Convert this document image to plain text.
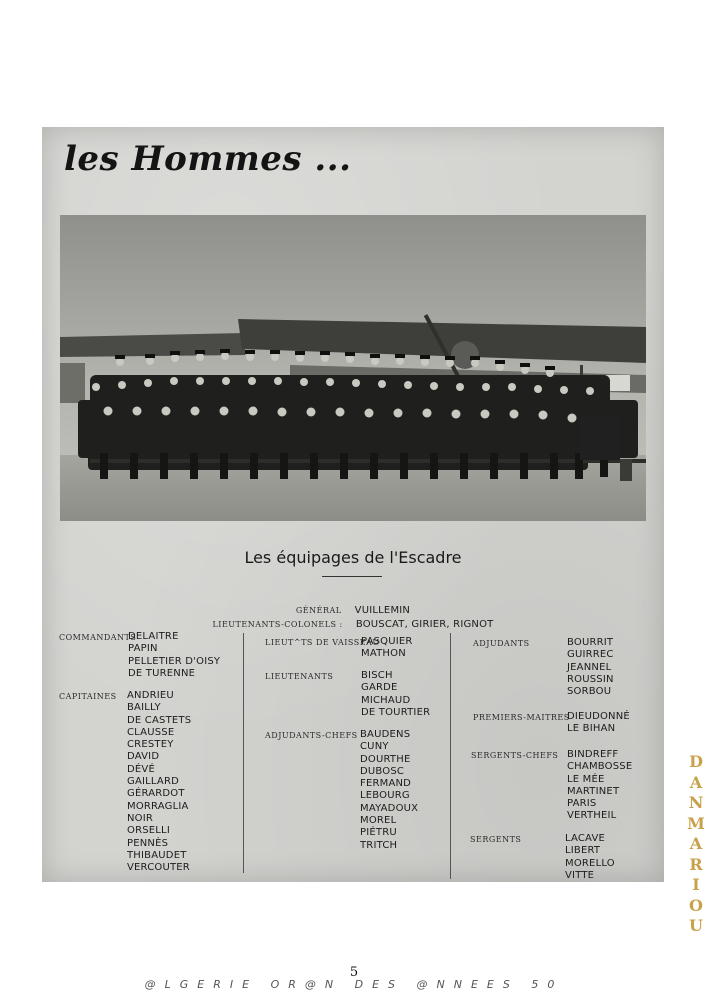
les Hommes ...
Les équipages de l'Escadre
GÉNÉRAL VUILLEMIN
LIEUTENANTS-COLONELS : BOUSCAT, GIRIER, RIGNOT
COMMANDANTS
DELAITRE
PAPIN
PELLETIER D'OISY
DE TURENNE
CAPITAINES ANDRIEU
BAILLY
DE CASTETS
CLAUSSE
CRESTEY
DAVID
DÉVÉ
GAILLARD
GÉRARDOT
MORRAGLIA
NOIR
ORSELLI
PENNÈS
THIBAUDET
VERCOUTER
LIEUT^TS DE VAISSEAU
PASQUIER
MATHON
LIEUTENANTS	BISCH
GARDE
MICHAUD
DE TOURTIER
ADJUDANTS-CHEFS BAUDENS
CUNY
DOURTHE
DUBOSC
FERMAND
LEBOURG
MAYADOUX
MOREL
PIÉTRU
TRITCH
ADJUDANTS	BOURRIT
GUIRREC
JEANNEL
ROUSSIN
SORBOU
PREMIERS-MAITRES
DIEUDONNÉ
LE BIHAN
SERGENTS-CHEFS BINDREFF
CHAMBOSSE
LE MÉE
MARTINET
PARIS
VERTHEIL
SERGENTS	LACAVE
LIBERT
MORELLO
VITTE
D
A
N
M
A
R
I
O
U
5
@LGERIE OR@N DES @NNEES 50
